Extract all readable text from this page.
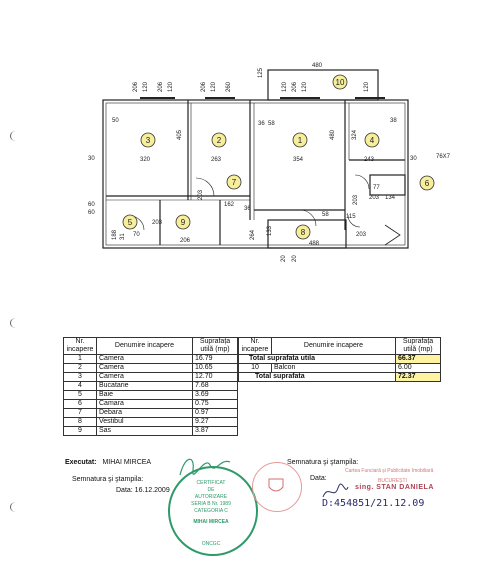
3	2	1	4
5
6
7
8
9
10
480
125
206 120 206 120	206 120 260	120 206 120	120
50
405
320	263
36 58
354
480	324
38
243
30	30	76X7
77
203 134
162
203
36
203
60
60
70
203
188 31
206
133
264	203
488
20 20
115
58
Nr.
incapere	Denumire incapere	Suprafața
utilă (mp)
1	Camera	16.79
2	Camera	10.65
3	Camera	12.70
4	Bucatarie	7.68
5	Baie	3.69
6	Camara	0.75
7	Debara	0.97
8	Vestibul	9.27
9	Sas	3.87
Nr.
incapere	Denumire incapere	Suprafața
utilă (mp)
Total suprafata utila		66.37
10	Balcon	6.00
Total suprafata		72.37
Executat: MIHAI MIRCEA
Semnatura şi ştampila:
Data: 16.12.2009
Semnatura şi ştampila:
Data:
sing. STAN DANIELA
CERTIFICAT
DE
AUTORIZARE
SERIA B Nr. 1989
CATEGORIA C
MIHAI MIRCEA
ONCGC
Cartea Funciară și Publicitate Imobiliară
BUCUREȘTI
D:454851/21.12.09
